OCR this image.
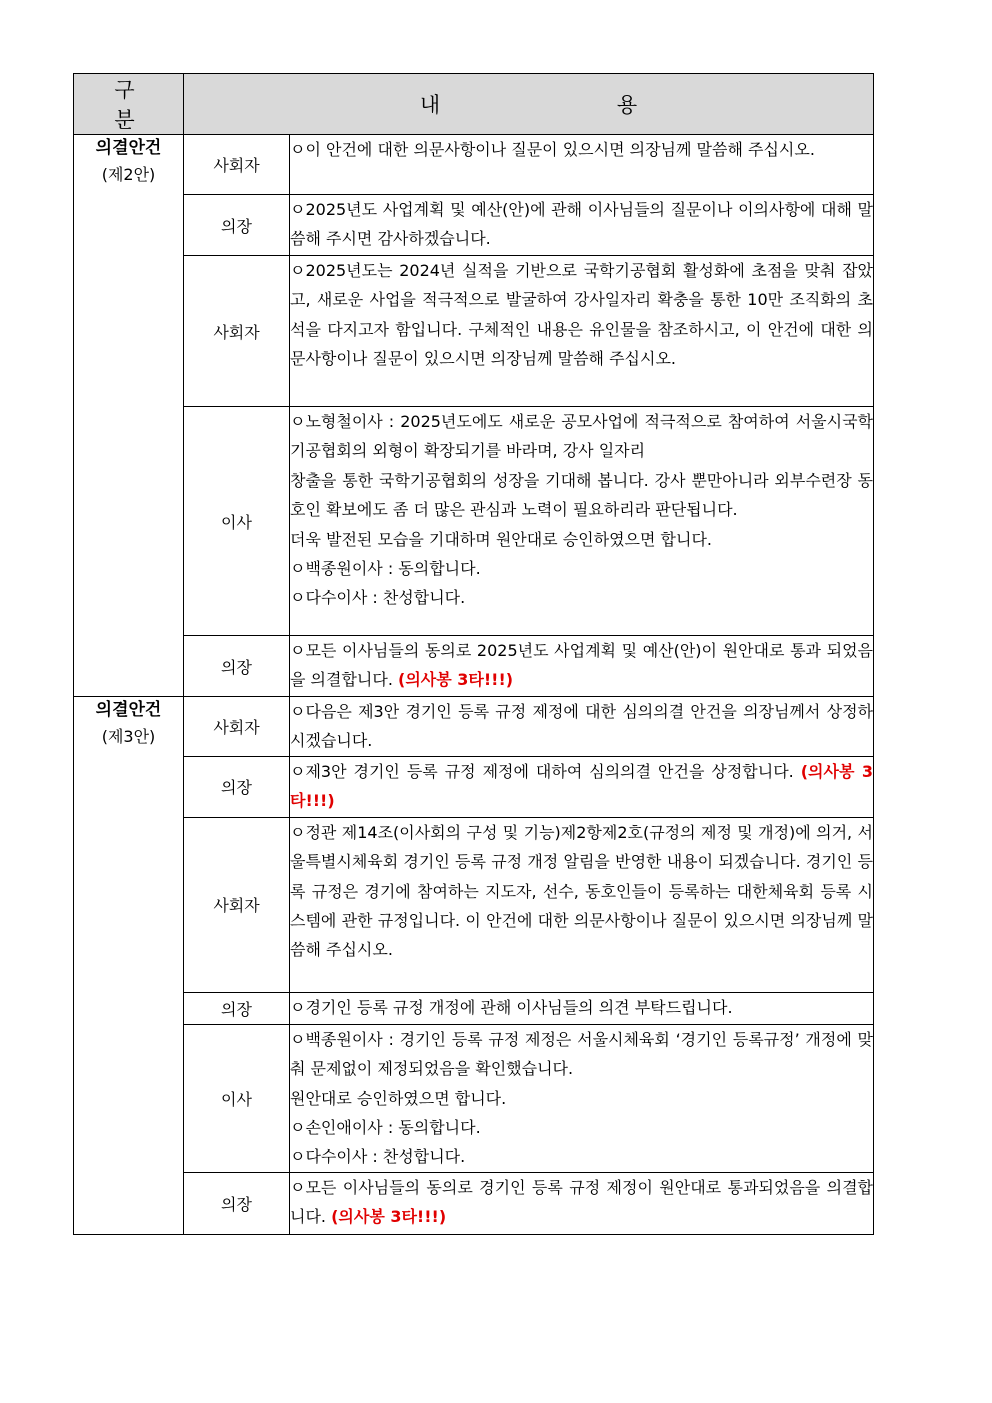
구 분	내 용	

의결안건
(제2안)	사회자	ㅇ이 안건에 대한 의문사항이나 질문이 있으시면 의장님께 말씀해 주십시오.

	의장	ㅇ2025년도 사업계획 및 예산(안)에 관해 이사님들의 질문이나 이의사항에 대해 말씀해 주시면 감사하겠습니다.

	사회자	ㅇ2025년도는 2024년 실적을 기반으로 국학기공협회 활성화에 초점을 맞춰 잡았고, 새로운 사업을 적극적으로 발굴하여 강사일자리 확충을 통한 10만 조직화의 초석을 다지고자 함입니다. 구체적인 내용은 유인물을 참조하시고, 이 안건에 대한 의문사항이나 질문이 있으시면 의장님께 말씀해 주십시오.

	이사	ㅇ노형철이사 : 2025년도에도 새로운 공모사업에 적극적으로 참여하여 서울시국학기공협회의 외형이 확장되기를 바라며, 강사 일자리

창출을 통한 국학기공협회의 성장을 기대해 봅니다. 강사 뿐만아니라 외부수련장 동호인 확보에도 좀 더 많은 관심과 노력이 필요하리라 판단됩니다.

더욱 발전된 모습을 기대하며 원안대로 승인하였으면 합니다.

ㅇ백종원이사 : 동의합니다.

ㅇ다수이사 : 찬성합니다.

	의장	ㅇ모든 이사님들의 동의로 2025년도 사업계획 및 예산(안)이 원안대로 통과 되었음을 의결합니다. (의사봉 3타!!!)

의결안건
(제3안)	사회자	ㅇ다음은 제3안 경기인 등록 규정 제정에 대한 심의의결 안건을 의장님께서 상정하시겠습니다.

	의장	ㅇ제3안 경기인 등록 규정 제정에 대하여 심의의결 안건을 상정합니다. (의사봉 3타!!!)

	사회자	ㅇ정관 제14조(이사회의 구성 및 기능)제2항제2호(규정의 제정 및 개정)에 의거, 서울특별시체육회 경기인 등록 규정 개정 알림을 반영한 내용이 되겠습니다. 경기인 등록 규정은 경기에 참여하는 지도자, 선수, 동호인들이 등록하는 대한체육회 등록 시스템에 관한 규정입니다. 이 안건에 대한 의문사항이나 질문이 있으시면 의장님께 말씀해 주십시오.

	의장	ㅇ경기인 등록 규정 개정에 관해 이사님들의 의견 부탁드립니다.

	이사	ㅇ백종원이사 : 경기인 등록 규정 제정은 서울시체육회 ‘경기인 등록규정’ 개정에 맞춰 문제없이 제정되었음을 확인했습니다.

원안대로 승인하였으면 합니다.

ㅇ손인애이사 : 동의합니다.

ㅇ다수이사 : 찬성합니다.

	의장	ㅇ모든 이사님들의 동의로 경기인 등록 규정 제정이 원안대로 통과되었음을 의결합니다. (의사봉 3타!!!)
